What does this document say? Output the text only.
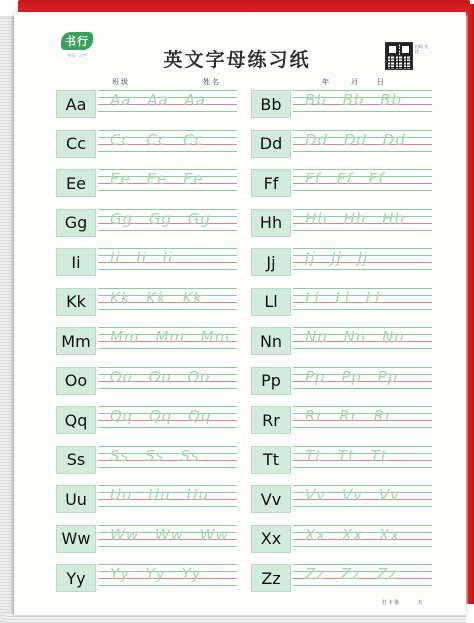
书行
书写 · 习字	英文字母练习纸
扫码 关注
班级	姓名	年	月 日
Aa	Aa Aa Aa	Bb	Bb Bb Bb
Cc	Cc Cc Cc	Dd	Dd Dd Dd
Ee	Ee Ee Ee	Ff	Ff Ff Ff
Gg	Gg Gg Gg	Hh	Hh Hh Hh
Ii	Ii Ii Ii	Jj	Jj Jj Jj
Kk	Kk Kk Kk	Ll	Ll Ll Ll
Mm	Mm Mm Mm	Nn	Nn Nn Nn
Oo	Oo Oo Oo	Pp	Pp Pp Pp
Qq	Qq Qq Qq	Rr	Rr Rr Rr
Ss	Ss Ss Ss	Tt	Tt Tt Tt
Uu	Uu Uu Uu	Vv	Vv Vv Vv
Ww	Ww Ww Ww	Xx	Xx Xx Xx
Yy	Yy Yy Yy	Zz	Zz Zz Zz
打卡第	天
